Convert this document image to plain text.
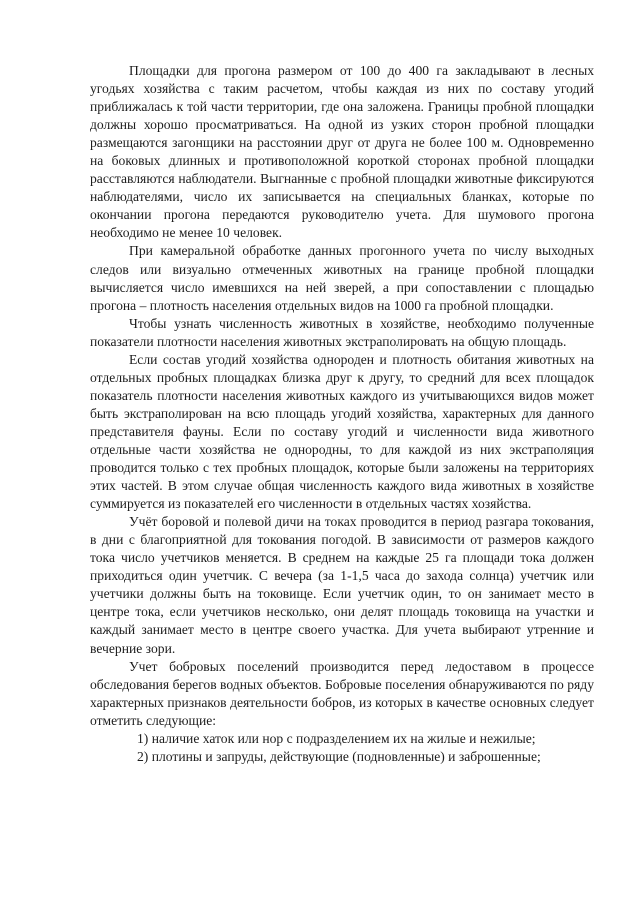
Площадки для прогона размером от 100 до 400 га закладывают в лесных угодьях хозяйства с таким расчетом, чтобы каждая из них по составу угодий приближалась к той части территории, где она заложена. Границы пробной площадки должны хорошо просматриваться. На одной из узких сторон пробной площадки размещаются загонщики на расстоянии друг от друга не более 100 м. Одновременно на боковых длинных и противоположной короткой сторонах пробной площадки расставляются наблюдатели. Выгнанные с пробной площадки животные фиксируются наблюдателями, число их записывается на специальных бланках, которые по окончании прогона передаются руководителю учета. Для шумового прогона необходимо не менее 10 человек.

При камеральной обработке данных прогонного учета по числу выходных следов или визуально отмеченных животных на границе пробной площадки вычисляется число имевшихся на ней зверей, а при сопоставлении с площадью прогона – плотность населения отдельных видов на 1000 га пробной площадки.

Чтобы узнать численность животных в хозяйстве, необходимо полученные показатели плотности населения животных экстраполировать на общую площадь.

Если состав угодий хозяйства однороден и плотность обитания животных на отдельных пробных площадках близка друг к другу, то средний для всех площадок показатель плотности населения животных каждого из учитывающихся видов может быть экстраполирован на всю площадь угодий хозяйства, характерных для данного представителя фауны. Если по составу угодий и численности вида животного отдельные части хозяйства не однородны, то для каждой из них экстраполяция проводится только с тех пробных площадок, которые были заложены на территориях этих частей. В этом случае общая численность каждого вида животных в хозяйстве суммируется из показателей его численности в отдельных частях хозяйства.

Учёт боровой и полевой дичи на токах проводится в период разгара токования, в дни с благоприятной для токования погодой. В зависимости от размеров каждого тока число учетчиков меняется. В среднем на каждые 25 га площади тока должен приходиться один учетчик. С вечера (за 1-1,5 часа до захода солнца) учетчик или учетчики должны быть на токовище. Если учетчик один, то он занимает место в центре тока, если учетчиков несколько, они делят площадь токовища на участки и каждый занимает место в центре своего участка. Для учета выбирают утренние и вечерние зори.

Учет бобровых поселений производится перед ледоставом в процессе обследования берегов водных объектов. Бобровые поселения обнаруживаются по ряду характерных признаков деятельности бобров, из которых в качестве основных следует отметить следующие:

1) наличие хаток или нор с подразделением их на жилые и нежилые;

2) плотины и запруды, действующие (подновленные) и заброшенные;
